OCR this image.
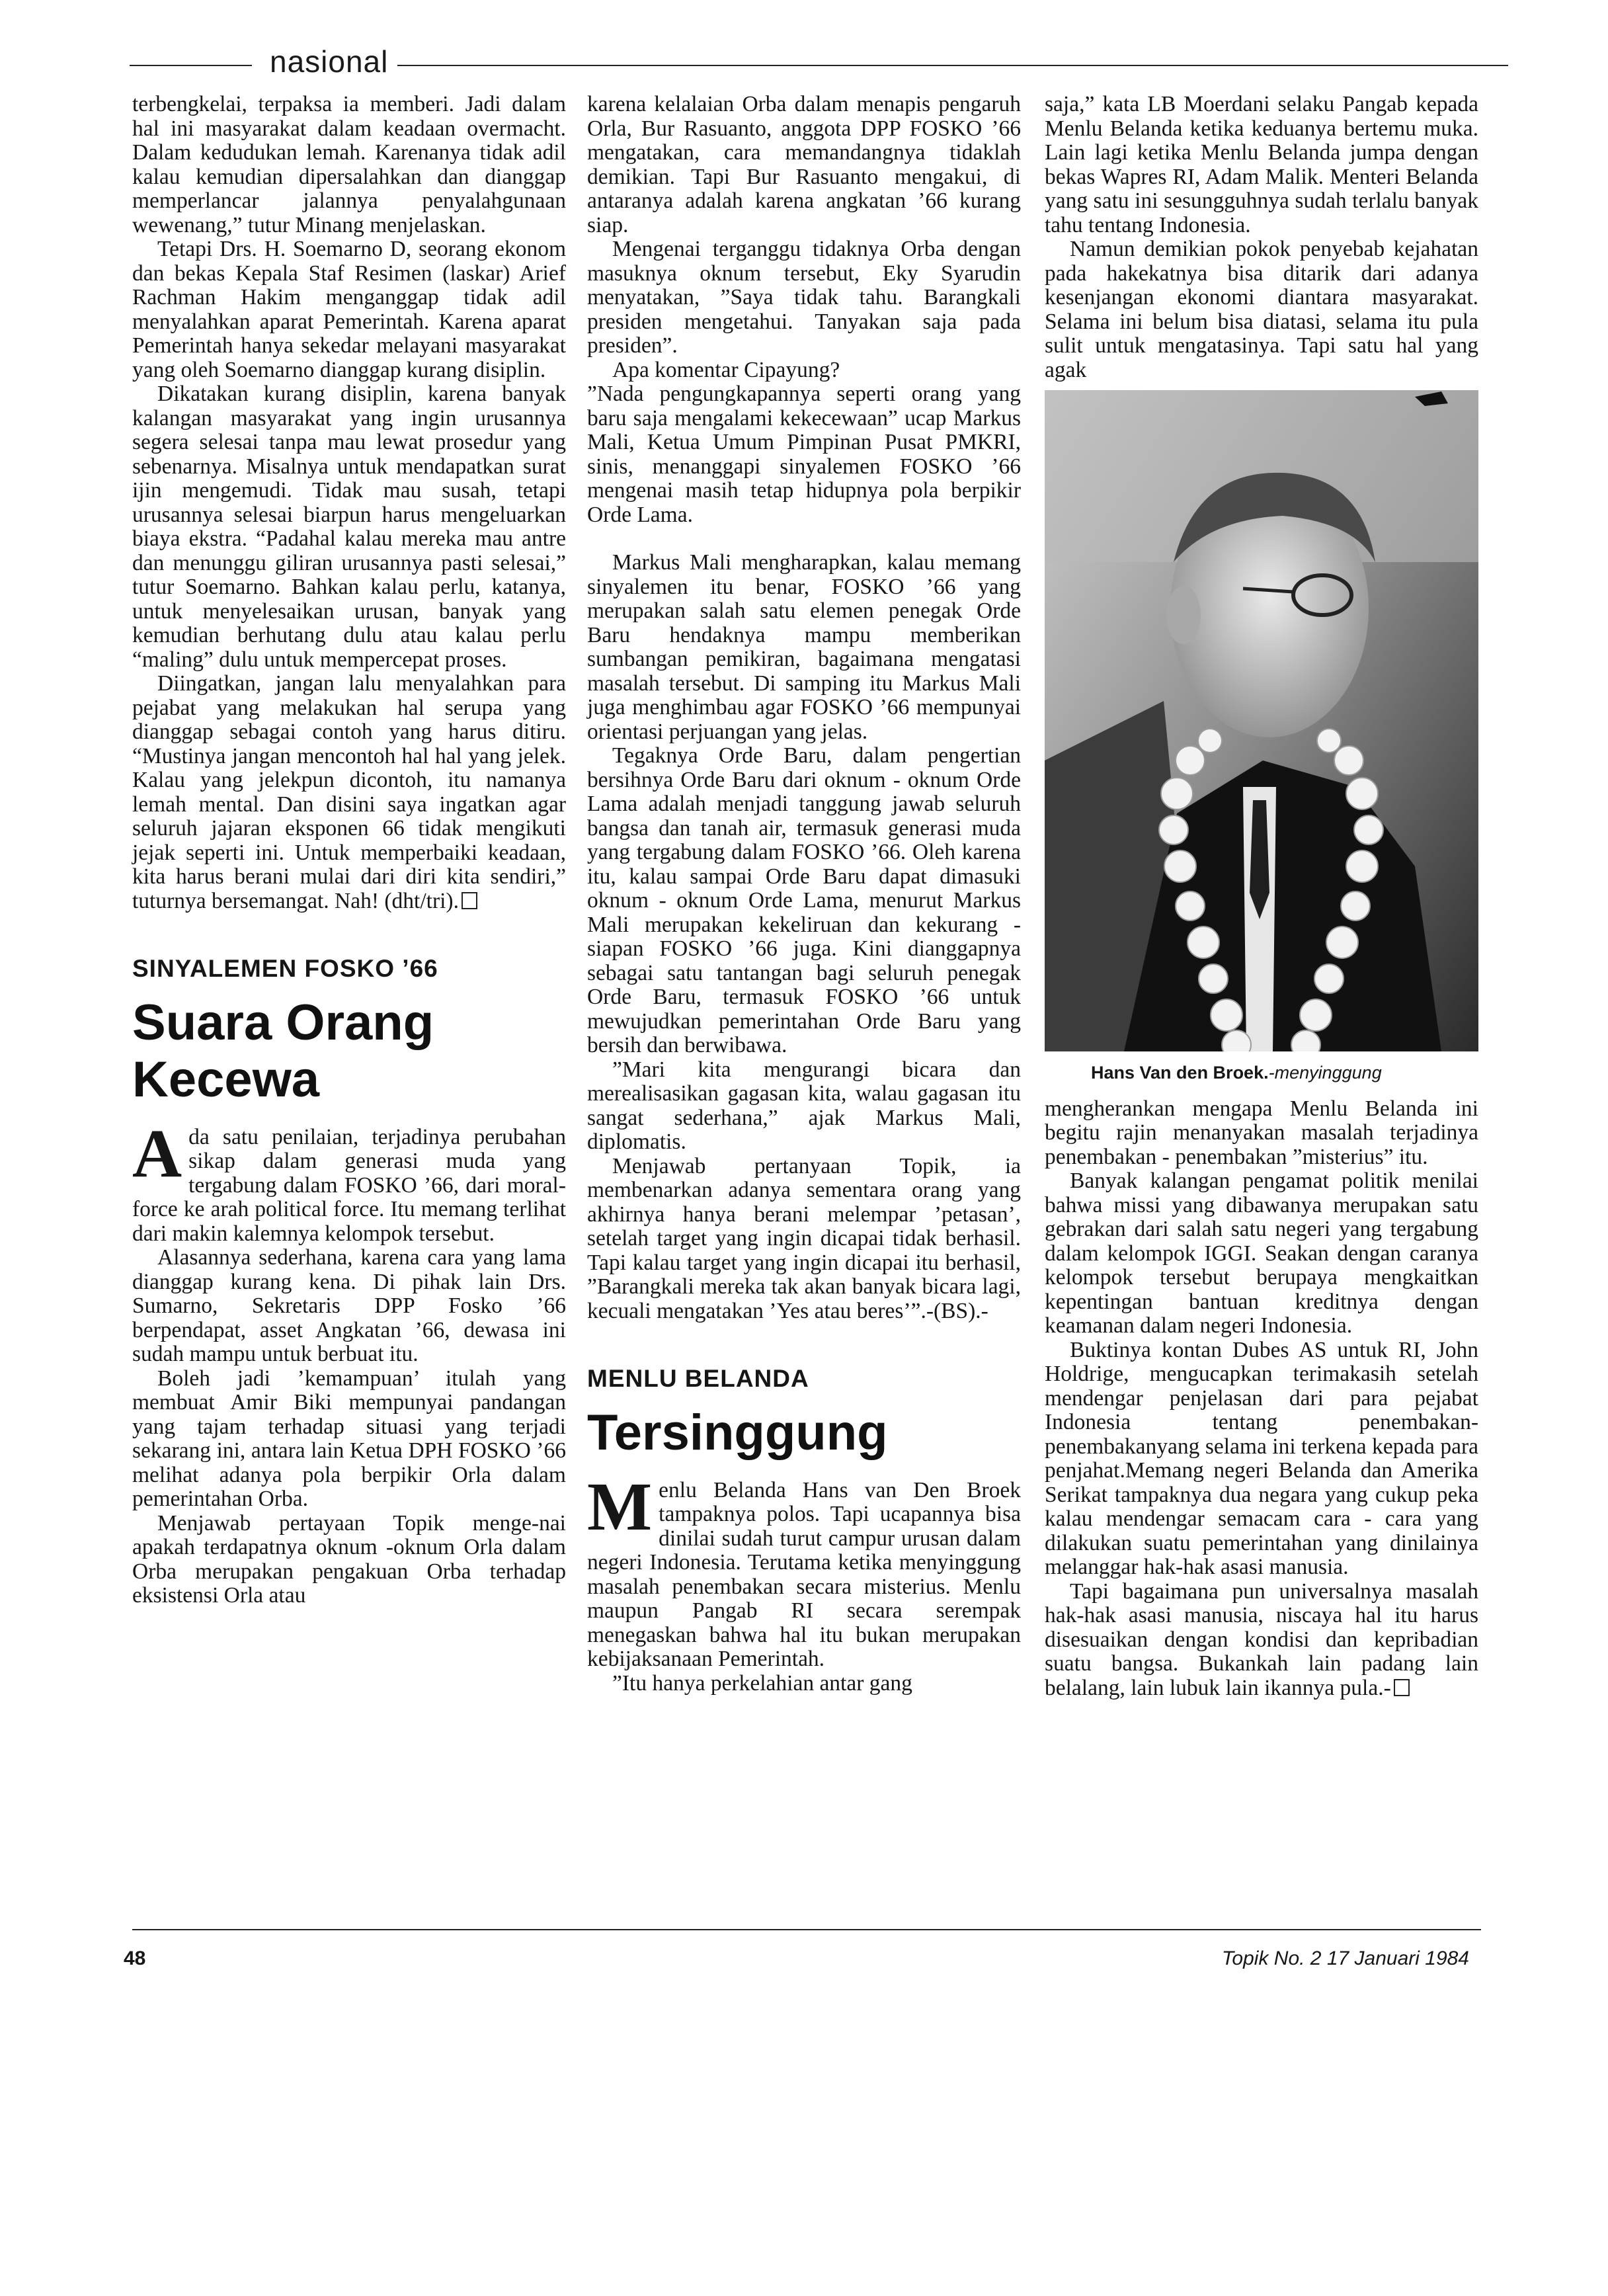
nasional

terbengkelai, terpaksa ia memberi. Jadi dalam hal ini masyarakat dalam keadaan overmacht. Dalam kedudukan lemah. Karenanya tidak adil kalau kemudian dipersalahkan dan dianggap memperlancar jalannya penyalahgunaan wewenang,” tutur Minang menjelaskan.

Tetapi Drs. H. Soemarno D, seorang ekonom dan bekas Kepala Staf Resimen (laskar) Arief Rachman Hakim menganggap tidak adil menyalahkan aparat Pemerintah. Karena aparat Pemerintah hanya sekedar melayani masyarakat yang oleh Soemarno dianggap kurang disiplin.

Dikatakan kurang disiplin, karena banyak kalangan masyarakat yang ingin urusannya segera selesai tanpa mau lewat prosedur yang sebenarnya. Misalnya untuk mendapatkan surat ijin mengemudi. Tidak mau susah, tetapi urusannya selesai biarpun harus mengeluarkan biaya ekstra. “Padahal kalau mereka mau antre dan menunggu giliran urusannya pasti selesai,” tutur Soemarno. Bahkan kalau perlu, katanya, untuk menyelesaikan urusan, banyak yang kemudian berhutang dulu atau kalau perlu “maling” dulu untuk mempercepat proses.

Diingatkan, jangan lalu menyalahkan para pejabat yang melakukan hal serupa yang dianggap sebagai contoh yang harus ditiru. “Mustinya jangan mencontoh hal hal yang jelek. Kalau yang jelekpun dicontoh, itu namanya lemah mental. Dan disini saya ingatkan agar seluruh jajaran eksponen 66 tidak mengikuti jejak seperti ini. Untuk memperbaiki keadaan, kita harus berani mulai dari diri kita sendiri,” tuturnya bersemangat. Nah! (dht/tri).

SINYALEMEN FOSKO ’66
Suara Orang Kecewa

Ada satu penilaian, terjadinya perubahan sikap dalam generasi muda yang tergabung dalam FOSKO ’66, dari moral-force ke arah political force. Itu memang terlihat dari makin kalemnya kelompok tersebut.

Alasannya sederhana, karena cara yang lama dianggap kurang kena. Di pihak lain Drs. Sumarno, Sekretaris DPP Fosko ’66 berpendapat, asset Angkatan ’66, dewasa ini sudah mampu untuk berbuat itu.

Boleh jadi ’kemampuan’ itulah yang membuat Amir Biki mempunyai pandangan yang tajam terhadap situasi yang terjadi sekarang ini, antara lain Ketua DPH FOSKO ’66 melihat adanya pola berpikir Orla dalam pemerintahan Orba.

Menjawab pertayaan Topik menge-nai apakah terdapatnya oknum -oknum Orla dalam Orba merupakan pengakuan Orba terhadap eksistensi Orla atau

karena kelalaian Orba dalam menapis pengaruh Orla, Bur Rasuanto, anggota DPP FOSKO ’66 mengatakan, cara memandangnya tidaklah demikian. Tapi Bur Rasuanto mengakui, di antaranya adalah karena angkatan ’66 kurang siap.

Mengenai terganggu tidaknya Orba dengan masuknya oknum tersebut, Eky Syarudin menyatakan, ”Saya tidak tahu. Barangkali presiden mengetahui. Tanyakan saja pada presiden”.

Apa komentar Cipayung?

”Nada pengungkapannya seperti orang yang baru saja mengalami kekecewaan” ucap Markus Mali, Ketua Umum Pimpinan Pusat PMKRI, sinis, menanggapi sinyalemen FOSKO ’66 mengenai masih tetap hidupnya pola berpikir Orde Lama.

Markus Mali mengharapkan, kalau memang sinyalemen itu benar, FOSKO ’66 yang merupakan salah satu elemen penegak Orde Baru hendaknya mampu memberikan sumbangan pemikiran, bagaimana mengatasi masalah tersebut. Di samping itu Markus Mali juga menghimbau agar FOSKO ’66 mempunyai orientasi perjuangan yang jelas.

Tegaknya Orde Baru, dalam pengertian bersihnya Orde Baru dari oknum - oknum Orde Lama adalah menjadi tanggung jawab seluruh bangsa dan tanah air, termasuk generasi muda yang tergabung dalam FOSKO ’66. Oleh karena itu, kalau sampai Orde Baru dapat dimasuki oknum - oknum Orde Lama, menurut Markus Mali merupakan kekeliruan dan kekurang - siapan FOSKO ’66 juga. Kini dianggapnya sebagai satu tantangan bagi seluruh penegak Orde Baru, termasuk FOSKO ’66 untuk mewujudkan pemerintahan Orde Baru yang bersih dan berwibawa.

”Mari kita mengurangi bicara dan merealisasikan gagasan kita, walau gagasan itu sangat sederhana,” ajak Markus Mali, diplomatis.

Menjawab pertanyaan Topik, ia membenarkan adanya sementara orang yang akhirnya hanya berani melempar ’petasan’, setelah target yang ingin dicapai tidak berhasil. Tapi kalau target yang ingin dicapai itu berhasil, ”Barangkali mereka tak akan banyak bicara lagi, kecuali mengatakan ’Yes atau beres’”.-(BS).-

MENLU BELANDA
Tersinggung

Menlu Belanda Hans van Den Broek tampaknya polos. Tapi ucapannya bisa dinilai sudah turut campur urusan dalam negeri Indonesia. Terutama ketika menyinggung masalah penembakan secara misterius. Menlu maupun Pangab RI secara serempak menegaskan bahwa hal itu bukan merupakan kebijaksanaan Pemerintah.

”Itu hanya perkelahian antar gang

saja,” kata LB Moerdani selaku Pangab kepada Menlu Belanda ketika keduanya bertemu muka. Lain lagi ketika Menlu Belanda jumpa dengan bekas Wapres RI, Adam Malik. Menteri Belanda yang satu ini sesungguhnya sudah terlalu banyak tahu tentang Indonesia.

Namun demikian pokok penyebab kejahatan pada hakekatnya bisa ditarik dari adanya kesenjangan ekonomi diantara masyarakat. Selama ini belum bisa diatasi, selama itu pula sulit untuk mengatasinya. Tapi satu hal yang agak

Hans Van den Broek.-menyinggung

mengherankan mengapa Menlu Belanda ini begitu rajin menanyakan masalah terjadinya penembakan - penembakan ”misterius” itu.

Banyak kalangan pengamat politik menilai bahwa missi yang dibawanya merupakan satu gebrakan dari salah satu negeri yang tergabung dalam kelompok IGGI. Seakan dengan caranya kelompok tersebut berupaya mengkaitkan kepentingan bantuan kreditnya dengan keamanan dalam negeri Indonesia.

Buktinya kontan Dubes AS untuk RI, John Holdrige, mengucapkan terimakasih setelah mendengar penjelasan dari para pejabat Indonesia tentang penembakan-penembakanyang selama ini terkena kepada para penjahat.Memang negeri Belanda dan Amerika Serikat tampaknya dua negara yang cukup peka kalau mendengar semacam cara - cara yang dilakukan suatu pemerintahan yang dinilainya melanggar hak-hak asasi manusia.

Tapi bagaimana pun universalnya masalah hak-hak asasi manusia, niscaya hal itu harus disesuaikan dengan kondisi dan kepribadian suatu bangsa. Bukankah lain padang lain belalang, lain lubuk lain ikannya pula.-

48	Topik No. 2 17 Januari 1984
